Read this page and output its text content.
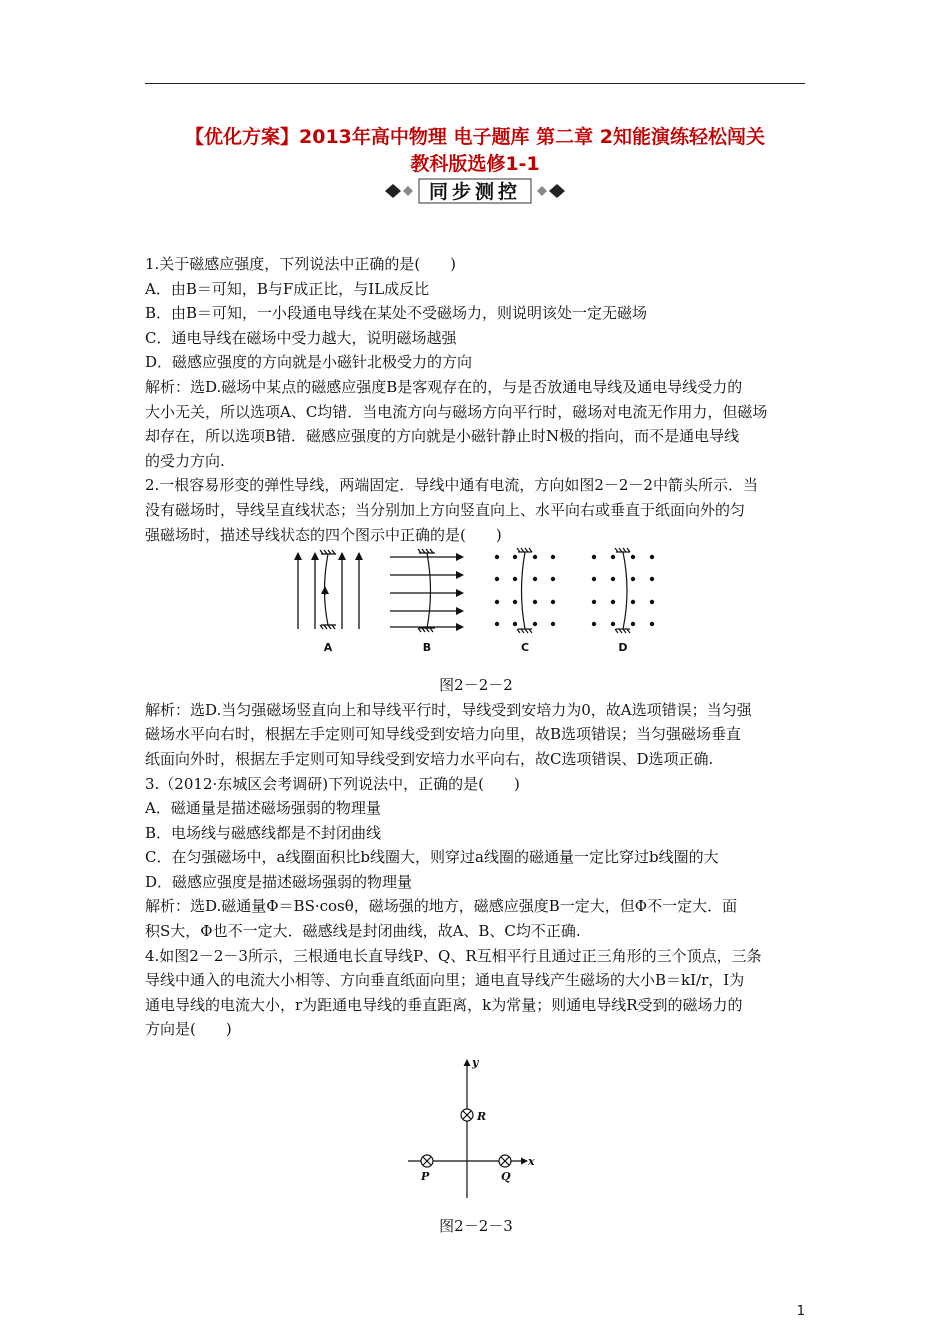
【优化方案】2013年高中物理 电子题库 第二章 2知能演练轻松闯关
教科版选修1-1
同步测控

1.关于磁感应强度，下列说法中正确的是(　　)

A．由B＝可知，B与F成正比，与IL成反比

B．由B＝可知，一小段通电导线在某处不受磁场力，则说明该处一定无磁场

C．通电导线在磁场中受力越大，说明磁场越强

D．磁感应强度的方向就是小磁针北极受力的方向

解析：选D.磁场中某点的磁感应强度B是客观存在的，与是否放通电导线及通电导线受力的

大小无关，所以选项A、C均错．当电流方向与磁场方向平行时，磁场对电流无作用力，但磁场

却存在，所以选项B错．磁感应强度的方向就是小磁针静止时N极的指向，而不是通电导线

的受力方向.

2.一根容易形变的弹性导线，两端固定．导线中通有电流，方向如图2－2－2中箭头所示．当

没有磁场时，导线呈直线状态；当分别加上方向竖直向上、水平向右或垂直于纸面向外的匀

强磁场时，描述导线状态的四个图示中正确的是(　　)

A	B	C	D

图2－2－2

解析：选D.当匀强磁场竖直向上和导线平行时，导线受到安培力为0，故A选项错误；当匀强

磁场水平向右时，根据左手定则可知导线受到安培力向里，故B选项错误；当匀强磁场垂直

纸面向外时，根据左手定则可知导线受到安培力水平向右，故C选项错误、D选项正确.

3.（2012·东城区会考调研)下列说法中，正确的是(　　)

A．磁通量是描述磁场强弱的物理量

B．电场线与磁感线都是不封闭曲线

C．在匀强磁场中，a线圈面积比b线圈大，则穿过a线圈的磁通量一定比穿过b线圈的大

D．磁感应强度是描述磁场强弱的物理量

解析：选D.磁通量Φ＝BS·cosθ，磁场强的地方，磁感应强度B一定大，但Φ不一定大．面

积S大，Φ也不一定大．磁感线是封闭曲线，故A、B、C均不正确.

4.如图2－2－3所示，三根通电长直导线P、Q、R互相平行且通过正三角形的三个顶点，三条

导线中通入的电流大小相等、方向垂直纸面向里；通电直导线产生磁场的大小B＝kI/r，I为

通电导线的电流大小，r为距通电导线的垂直距离，k为常量；则通电导线R受到的磁场力的

方向是(　　)

y
x
R
P	Q

图2－2－3

1
